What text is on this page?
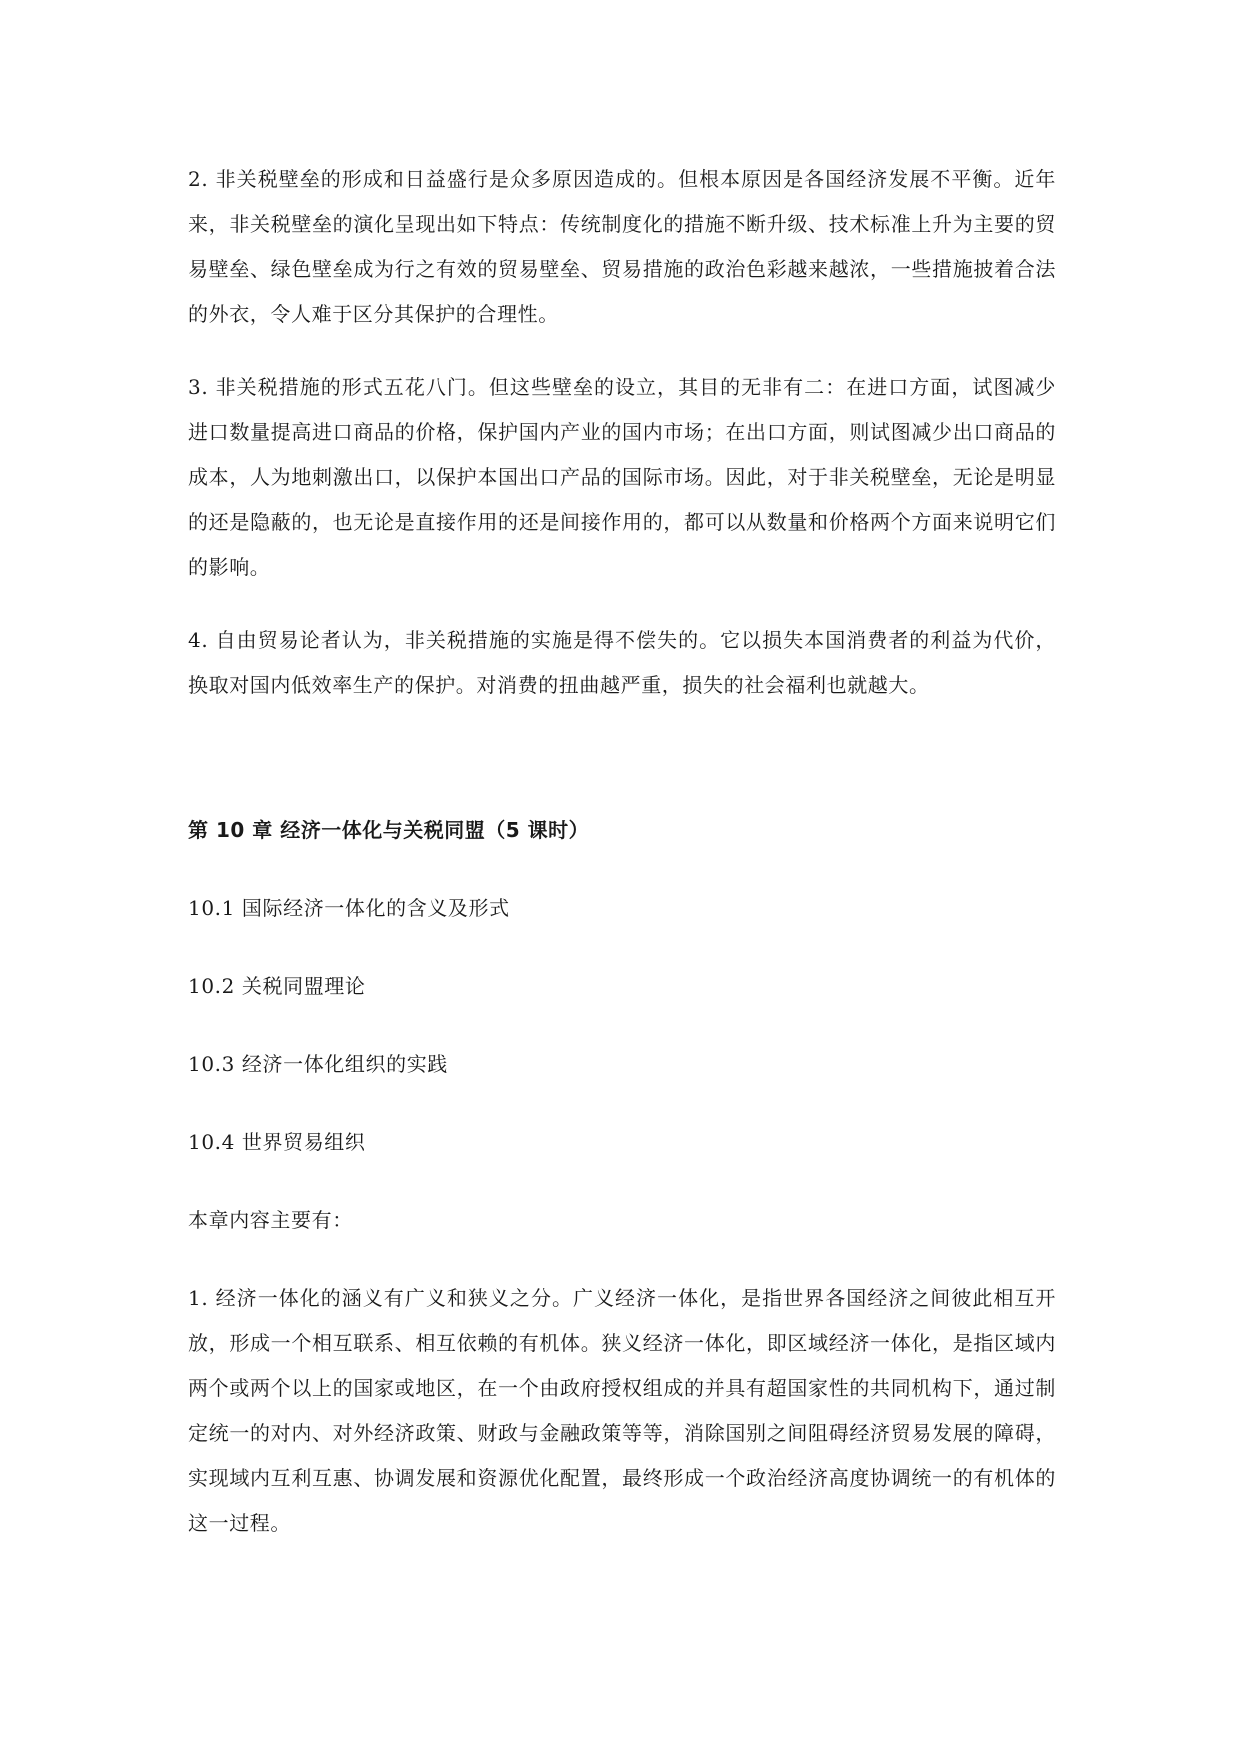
2. 非关税壁垒的形成和日益盛行是众多原因造成的。但根本原因是各国经济发展不平衡。近年来，非关税壁垒的演化呈现出如下特点：传统制度化的措施不断升级、技术标准上升为主要的贸易壁垒、绿色壁垒成为行之有效的贸易壁垒、贸易措施的政治色彩越来越浓，一些措施披着合法的外衣，令人难于区分其保护的合理性。

3. 非关税措施的形式五花八门。但这些壁垒的设立，其目的无非有二：在进口方面，试图减少进口数量提高进口商品的价格，保护国内产业的国内市场；在出口方面，则试图减少出口商品的成本，人为地刺激出口，以保护本国出口产品的国际市场。因此，对于非关税壁垒，无论是明显的还是隐蔽的，也无论是直接作用的还是间接作用的，都可以从数量和价格两个方面来说明它们的影响。

4. 自由贸易论者认为，非关税措施的实施是得不偿失的。它以损失本国消费者的利益为代价，换取对国内低效率生产的保护。对消费的扭曲越严重，损失的社会福利也就越大。

第 10 章 经济一体化与关税同盟（5 课时）

10.1 国际经济一体化的含义及形式

10.2 关税同盟理论

10.3 经济一体化组织的实践

10.4 世界贸易组织

本章内容主要有：

1. 经济一体化的涵义有广义和狭义之分。广义经济一体化，是指世界各国经济之间彼此相互开放，形成一个相互联系、相互依赖的有机体。狭义经济一体化，即区域经济一体化，是指区域内两个或两个以上的国家或地区，在一个由政府授权组成的并具有超国家性的共同机构下，通过制定统一的对内、对外经济政策、财政与金融政策等等，消除国别之间阻碍经济贸易发展的障碍，实现域内互利互惠、协调发展和资源优化配置，最终形成一个政治经济高度协调统一的有机体的这一过程。
